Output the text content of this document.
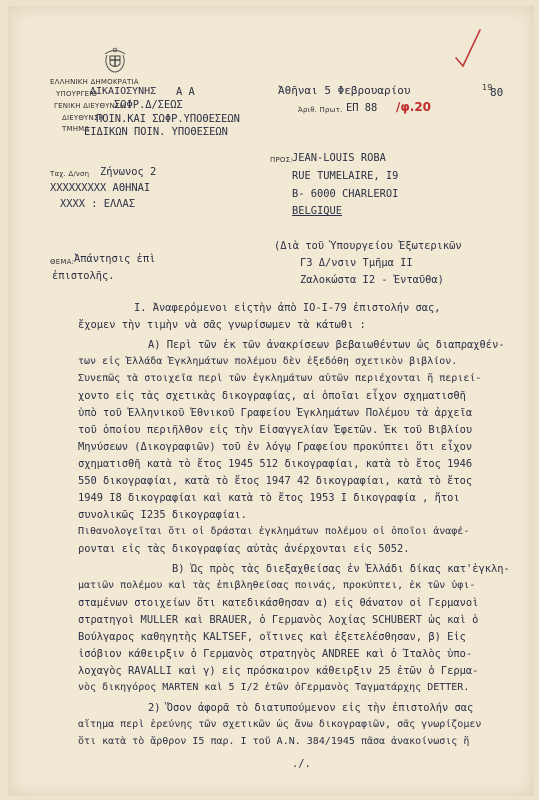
ΕΛΛΗΝΙΚΗ ΔΗΜΟΚΡΑΤΙΑ
ΥΠΟΥΡΓΕΙΟ
ΓΕΝΙΚΗ ΔΙΕΥΘΥΝΣΗ
ΔΙΕΥΘΥΝΣΗ
ΤΜΗΜΑ
ΔΙΚΑΙΟΣΥΝΗΣ Α Α
ΣΩΦΡ.Δ/ΣΕΩΣ
ΠΟΙΝ.ΚΑΙ ΣΩΦΡ.ΥΠΟΘΕΣΕΩΝ
ΕΙΔΙΚΩΝ ΠΟΙΝ. ΥΠΟΘΕΣΕΩΝ
Ἀθῆναι 5 Φεβρουαρίου	19
80
Ἀριθ. Πρωτ. ΕΠ 88 /φ.20
Ταχ. Δ/νση Ζήνωνος 2
XXXXXXXXX ΑΘΗΝΑΙ
ΧΧΧΧ : ΕΛΛΑΣ
ΠΡΟΣ: JEAN-LOUIS ROBA
RUE TUMELAIRE, I9
B- 6000 CHARLEROI
BELGIQUE
ΘΕΜΑ: Ἀπάντησις ἐπὶ
ἐπιστολῆς.
(Διὰ τοῦ Ὑπουργείου Ἐξωτερικῶν
Γ3 Δ/νσιν Τμῆμα ΙΙ
Ζαλοκώστα Ι2 - Ἐνταῦθα)
Ι. Ἀναφερόμενοι εἰςτὴν ἀπὸ ΙΟ-Ι-79 ἐπιστολήν σας,
ἔχομεν τὴν τιμὴν νὰ σᾶς γνωρίσωμεν τὰ κάτωθι :
Α) Περὶ τῶν ἐκ τῶν ἀνακρίσεων βεβαιωθέντων ὡς διαπραχθέν-
των εἰς Ἑλλάδα Ἐγκλημάτων πολέμου δὲν ἐξεδόθη σχετικὸν βιβλίον.
Συνεπῶς τὰ στοιχεῖα περὶ τῶν ἐγκλημάτων αὐτῶν περιέχονται ἤ περιεί-
χοντο εἰς τὰς σχετικὰς δικογραφίας, αἱ ὁποῖαι εἶχον σχηματισθῆ
ὑπὸ τοῦ Ἑλληνικοῦ Ἐθνικοῦ Γραφείου Ἐγκλημάτων Πολέμου τὰ ἀρχεῖα
τοῦ ὁποίου περιῆλθον εἰς τὴν Εἰσαγγελίαν Ἐφετῶν. Ἐκ τοῦ Βιβλίου
Μηνύσεων (Δικογραφιῶν) τοῦ ἐν λόγῳ Γραφείου προκύπτει ὅτι εἶχον
σχηματισθῆ κατὰ τὸ ἔτος 1945 512 δικογραφίαι, κατὰ τὸ ἔτος 1946
550 δικογραφίαι, κατὰ τὸ ἔτος 1947 42 δικογραφίαι, κατὰ τὸ ἔτος
1949 Ι8 δικογραφίαι καὶ κατὰ τὸ ἔτος 1953 Ι δικογραφία , ἤτοι
συνολικῶς Ι235 δικογραφίαι.
Πιθανολογεῖται ὅτι οἱ δράσται ἐγκλημάτων πολέμου οἱ ὁποῖοι ἀναφέ-
ρονται εἰς τὰς δικογραφίας αὐτὰς ἀνέρχονται εἰς 5052.
Β) Ὡς πρὸς τὰς διεξαχθείσας ἐν Ἑλλάδι δίκας κατ'ἐγκλη-
ματιῶν πολέμου καὶ τὰς ἐπιβληθείσας ποινάς, προκύπτει, ἐκ τῶν ὑφι-
σταμένων στοιχείων ὅτι κατεδικάσθησαν α) εἰς θάνατον οἱ Γερμανοὶ
στρατηγοὶ MULLER καὶ BRAUER, ὁ Γερμανὸς λοχίας SCHUBERT ὡς καὶ ὁ
Βούλγαρος καθηγητὴς KALTSEF, οἵτινες καὶ ἐξετελέσθησαν, β) Εἰς
ἰσόβιον κάθειρξιν ὁ Γερμανὸς στρατηγὸς ANDREE καὶ ὁ Ἰταλὸς ὑπο-
λοχαγὸς RAVALLI καὶ γ) εἰς πρόσκαιρον κάθειρξιν 25 ἐτῶν ὁ Γερμα-
νὸς δικηγόρος MARTEN καὶ 5 Ι/2 ἐτῶν ὁΓερμανὸς Ταγματάρχης DETTER.
2) Ὅσον ἀφορᾶ τὸ διατυπούμενον εἰς τὴν ἐπιστολήν σας
αἴτημα περὶ ἐρεύνης τῶν σχετικῶν ὡς ἄνω δικογραφιῶν, σᾶς γνωρίζομεν
ὅτι κατὰ τὸ ἄρθρον Ι5 παρ. Ι τοῦ Α.Ν. 384/1945 πᾶσα ἀνακοίνωσις ἤ
./.
